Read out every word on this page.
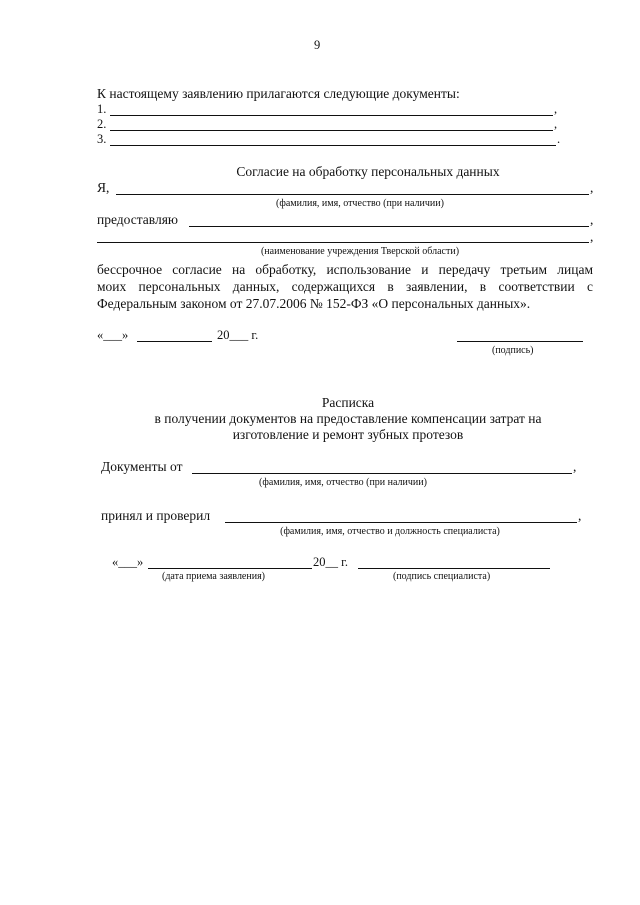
9
К настоящему заявлению прилагаются следующие документы:
1.	,
2.	,
3.	.
Согласие на обработку персональных данных
Я,	,
(фамилия, имя, отчество (при наличии)
предоставляю	,
,
(наименование учреждения Тверской области)
бессрочное согласие на обработку, использование и передачу третьим лицам
моих персональных данных, содержащихся в заявлении, в соответствии с
Федеральным законом от 27.07.2006 № 152-ФЗ «О персональных данных».
«___»	20___ г.
(подпись)
Расписка
в получении документов на предоставление компенсации затрат на
изготовление и ремонт зубных протезов
Документы от	,
(фамилия, имя, отчество (при наличии)
принял и проверил	,
(фамилия, имя, отчество и должность специалиста)
«___»	20__ г.
(дата приема заявления)	(подпись специалиста)
